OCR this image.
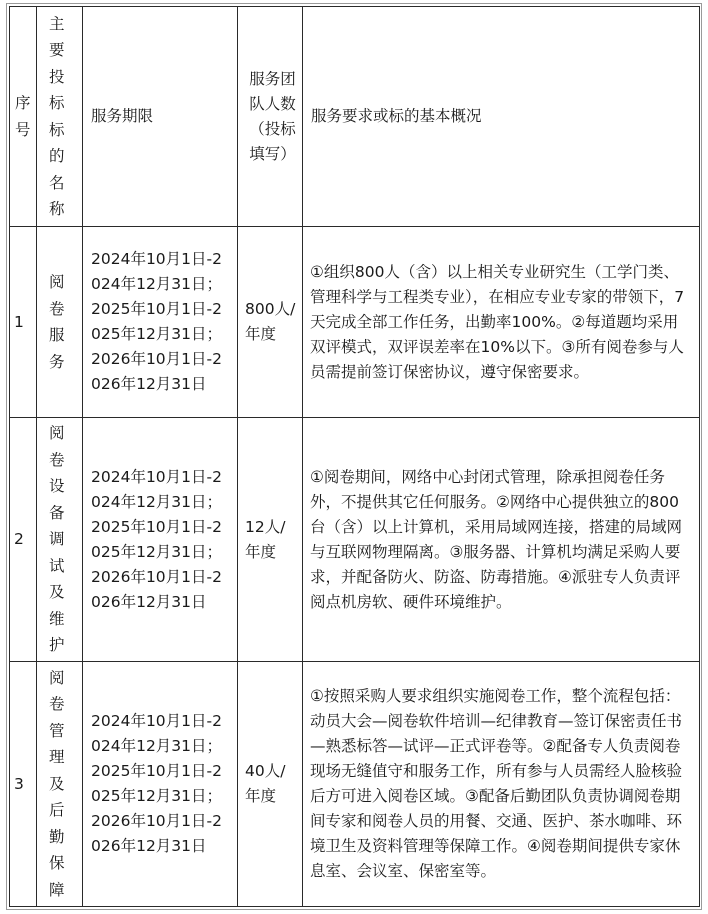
序号	主要投标标的名称	服务期限	服务团队人数（投标填写）	服务要求或标的基本概况

1	阅卷服务	2024年10月1日-2024年12月31日；2025年10月1日-2025年12月31日；2026年10月1日-2026年12月31日	800人/年度	①组织800人（含）以上相关专业研究生（工学门类、管理科学与工程类专业），在相应专业专家的带领下，7天完成全部工作任务，出勤率100%。②每道题均采用双评模式，双评误差率在10%以下。③所有阅卷参与人员需提前签订保密协议，遵守保密要求。

2	阅卷设备调试及维护	2024年10月1日-2024年12月31日；2025年10月1日-2025年12月31日；2026年10月1日-2026年12月31日	12人/年度	①阅卷期间，网络中心封闭式管理，除承担阅卷任务外，不提供其它任何服务。②网络中心提供独立的800台（含）以上计算机，采用局域网连接，搭建的局域网与互联网物理隔离。③服务器、计算机均满足采购人要求，并配备防火、防盗、防毒措施。④派驻专人负责评阅点机房软、硬件环境维护。

3	阅卷管理及后勤保障	2024年10月1日-2024年12月31日；2025年10月1日-2025年12月31日；2026年10月1日-2026年12月31日	40人/年度	①按照采购人要求组织实施阅卷工作，整个流程包括：动员大会—阅卷软件培训—纪律教育—签订保密责任书—熟悉标答—试评—正式评卷等。②配备专人负责阅卷现场无缝值守和服务工作，所有参与人员需经人脸核验后方可进入阅卷区域。③配备后勤团队负责协调阅卷期间专家和阅卷人员的用餐、交通、医护、茶水咖啡、环境卫生及资料管理等保障工作。④阅卷期间提供专家休息室、会议室、保密室等。
